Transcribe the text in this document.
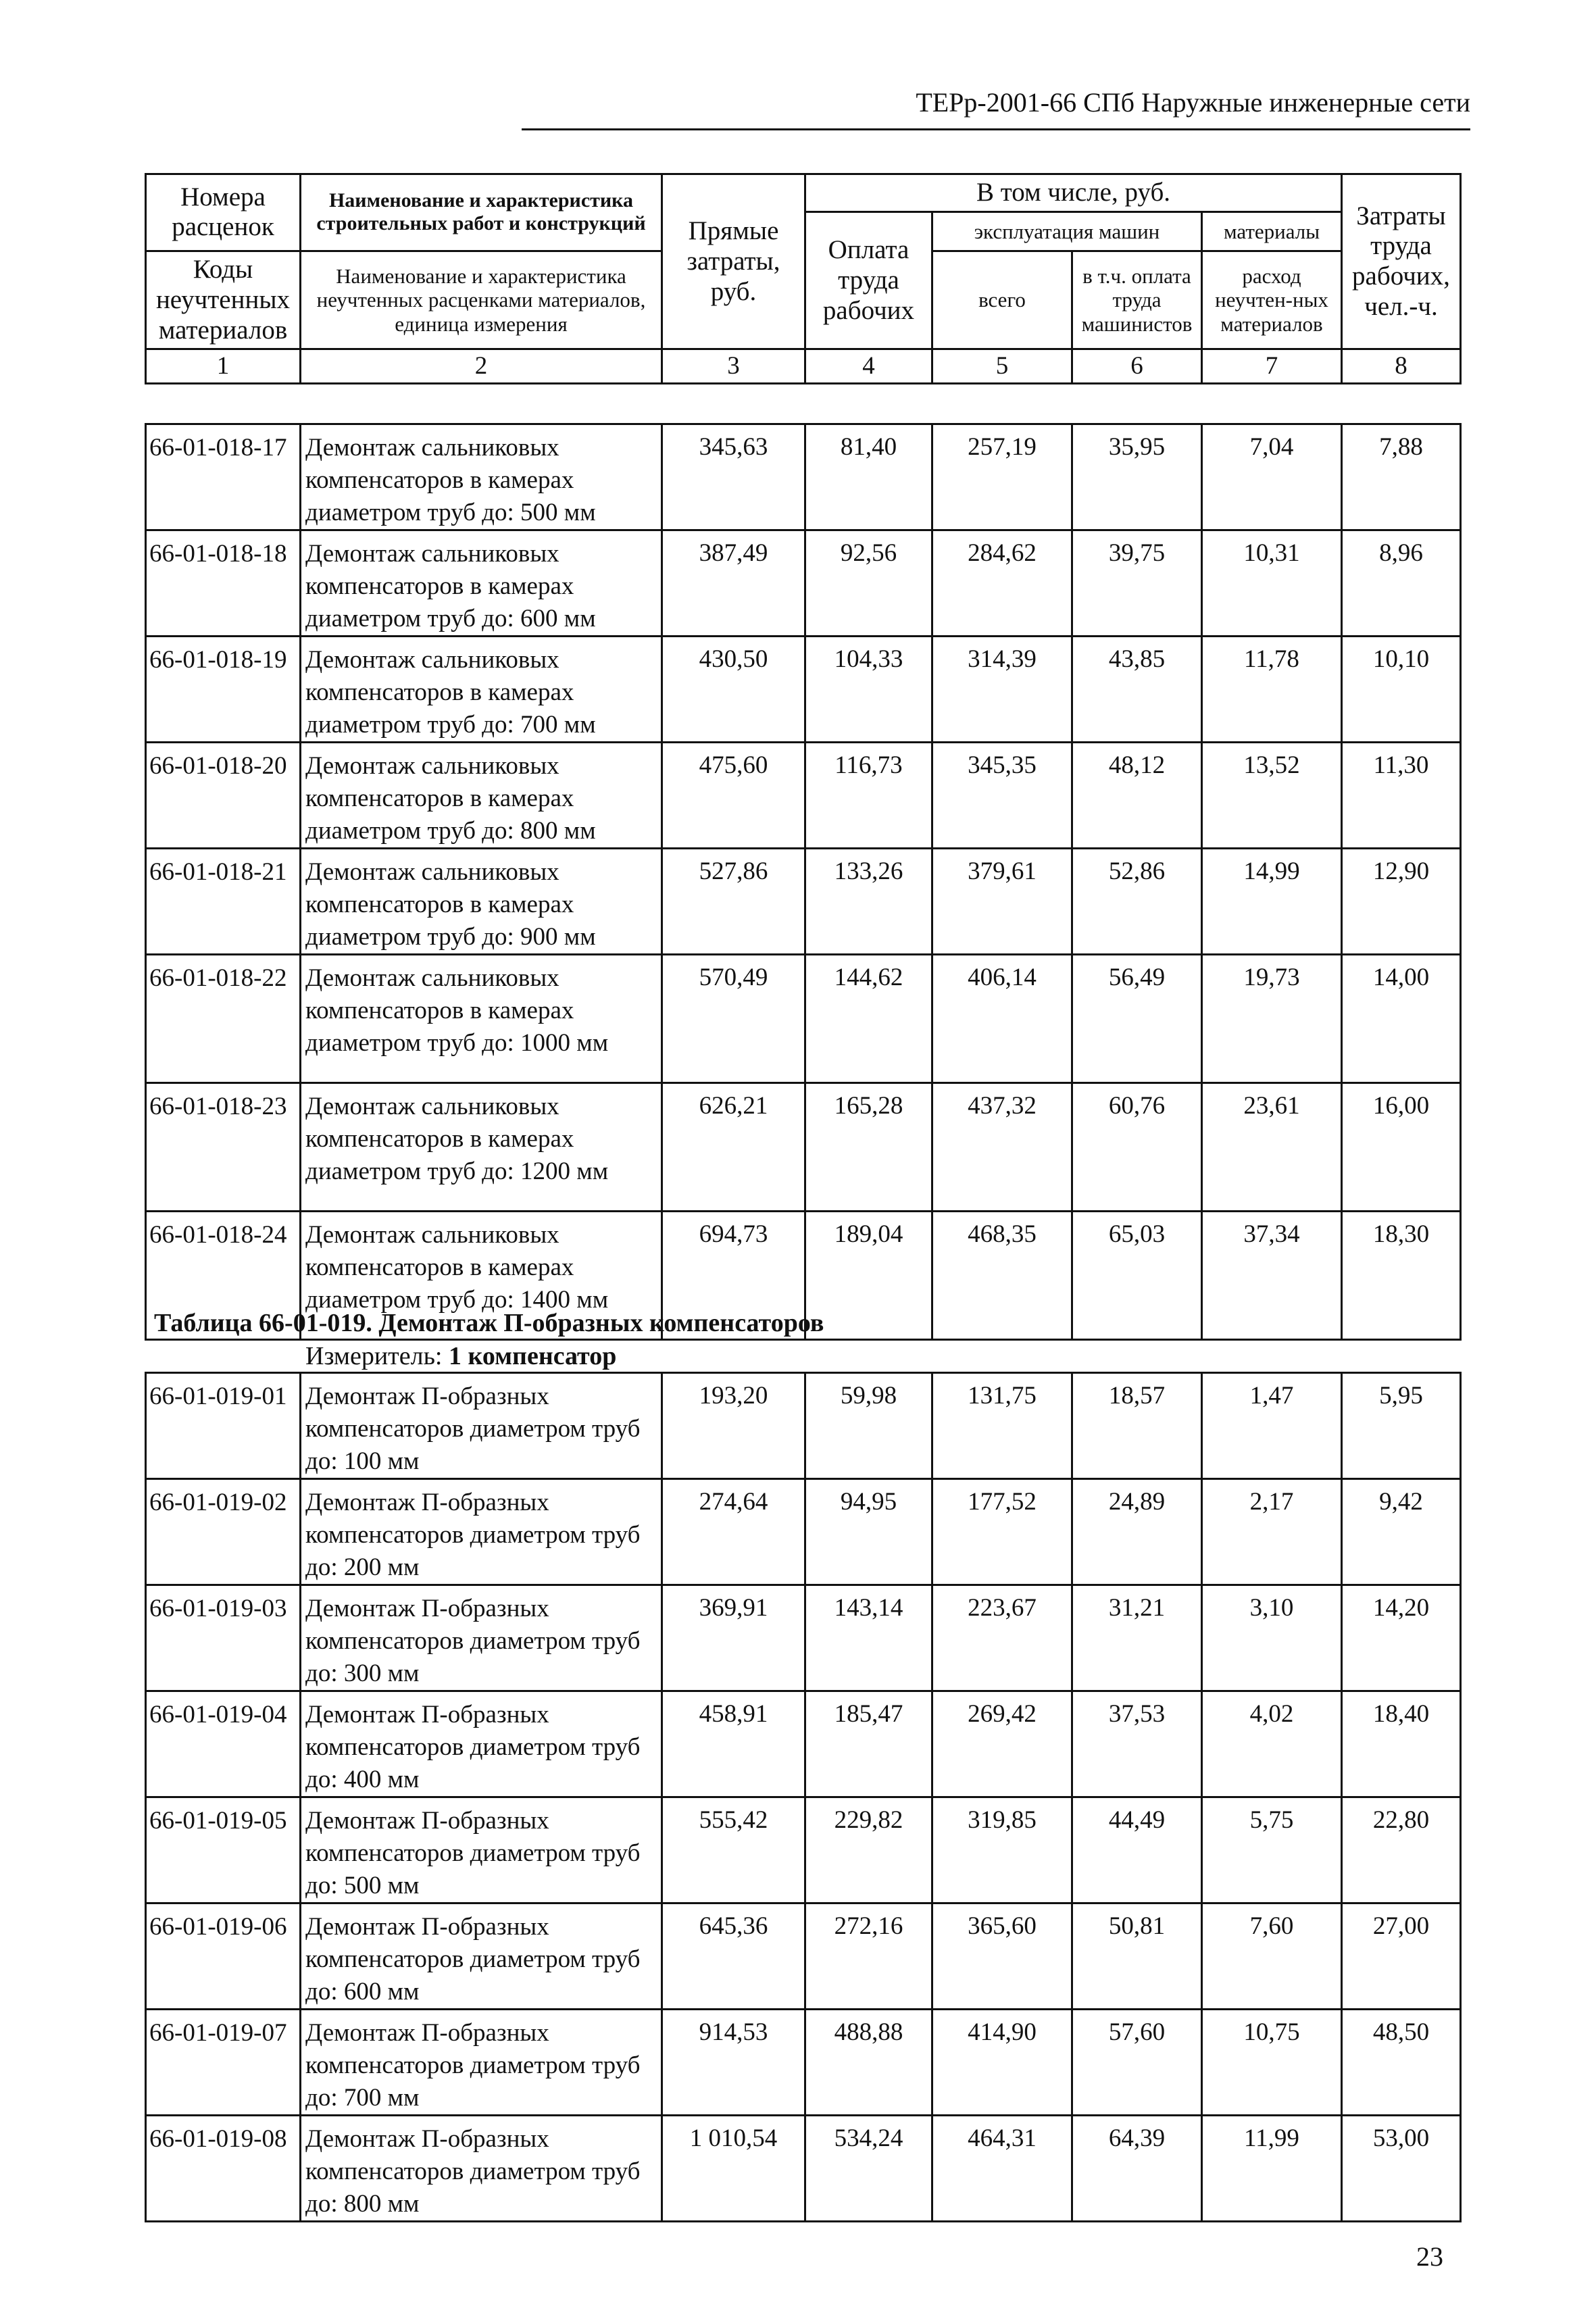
ТЕРр-2001-66 СПб Наружные инженерные сети
Номера расценок	Наименование и характеристика строительных работ и конструкций	Прямые затраты, руб.	В том числе, руб.				Затраты труда рабочих, чел.-ч.
			Оплата труда рабочих	эксплуатация машин		материалы	
Коды неучтенных материалов	Наименование и характеристика неучтенных расценками материалов, единица измерения			всего	в т.ч. оплата труда машинистов	расход неучтен-ных материалов	

1	2	3	4	5	6	7	8
66-01-018-17	Демонтаж сальниковых компенсаторов в камерах диаметром труб до: 500 мм	345,63	81,40	257,19	35,95	7,04	7,88
66-01-018-18	Демонтаж сальниковых компенсаторов в камерах диаметром труб до: 600 мм	387,49	92,56	284,62	39,75	10,31	8,96
66-01-018-19	Демонтаж сальниковых компенсаторов в камерах диаметром труб до: 700 мм	430,50	104,33	314,39	43,85	11,78	10,10
66-01-018-20	Демонтаж сальниковых компенсаторов в камерах диаметром труб до: 800 мм	475,60	116,73	345,35	48,12	13,52	11,30
66-01-018-21	Демонтаж сальниковых компенсаторов в камерах диаметром труб до: 900 мм	527,86	133,26	379,61	52,86	14,99	12,90
66-01-018-22	Демонтаж сальниковых компенсаторов в камерах диаметром труб до: 1000 мм	570,49	144,62	406,14	56,49	19,73	14,00
66-01-018-23	Демонтаж сальниковых компенсаторов в камерах диаметром труб до: 1200 мм	626,21	165,28	437,32	60,76	23,61	16,00
66-01-018-24	Демонтаж сальниковых компенсаторов в камерах диаметром труб до: 1400 мм	694,73	189,04	468,35	65,03	37,34	18,30
Таблица 66-01-019. Демонтаж П-образных компенсаторов
Измеритель: 1 компенсатор
66-01-019-01	Демонтаж П-образных компенсаторов диаметром труб до: 100 мм	193,20	59,98	131,75	18,57	1,47	5,95
66-01-019-02	Демонтаж П-образных компенсаторов диаметром труб до: 200 мм	274,64	94,95	177,52	24,89	2,17	9,42
66-01-019-03	Демонтаж П-образных компенсаторов диаметром труб до: 300 мм	369,91	143,14	223,67	31,21	3,10	14,20
66-01-019-04	Демонтаж П-образных компенсаторов диаметром труб до: 400 мм	458,91	185,47	269,42	37,53	4,02	18,40
66-01-019-05	Демонтаж П-образных компенсаторов диаметром труб до: 500 мм	555,42	229,82	319,85	44,49	5,75	22,80
66-01-019-06	Демонтаж П-образных компенсаторов диаметром труб до: 600 мм	645,36	272,16	365,60	50,81	7,60	27,00
66-01-019-07	Демонтаж П-образных компенсаторов диаметром труб до: 700 мм	914,53	488,88	414,90	57,60	10,75	48,50
66-01-019-08	Демонтаж П-образных компенсаторов диаметром труб до: 800 мм	1 010,54	534,24	464,31	64,39	11,99	53,00
23
